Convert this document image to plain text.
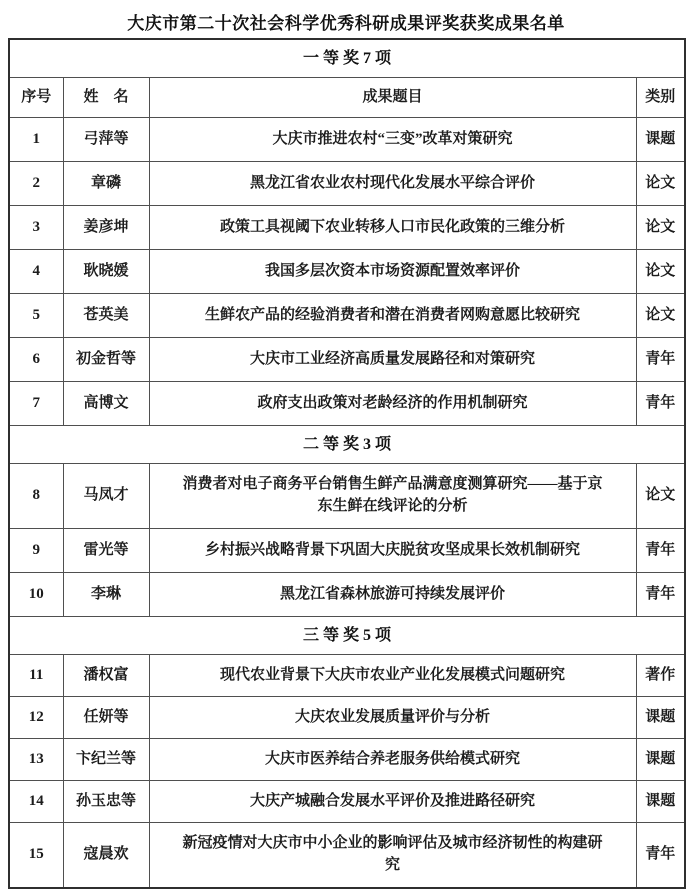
大庆市第二十次社会科学优秀科研成果评奖获奖成果名单
一 等 奖 7 项			
序号	姓　名	成果题目	类别
1	弓萍等	大庆市推进农村“三变”改革对策研究	课题
2	章磷	黑龙江省农业农村现代化发展水平综合评价	论文
3	姜彦坤	政策工具视阈下农业转移人口市民化政策的三维分析	论文
4	耿晓媛	我国多层次资本市场资源配置效率评价	论文
5	苍英美	生鲜农产品的经验消费者和潜在消费者网购意愿比较研究	论文
6	初金哲等	大庆市工业经济高质量发展路径和对策研究	青年
7	高博文	政府支出政策对老龄经济的作用机制研究	青年
二 等 奖 3 项			
8	马凤才	消费者对电子商务平台销售生鲜产品满意度测算研究——基于京东生鲜在线评论的分析	论文
9	雷光等	乡村振兴战略背景下巩固大庆脱贫攻坚成果长效机制研究	青年
10	李琳	黑龙江省森林旅游可持续发展评价	青年
三 等 奖 5 项			
11	潘权富	现代农业背景下大庆市农业产业化发展模式问题研究	著作
12	任妍等	大庆农业发展质量评价与分析	课题
13	卞纪兰等	大庆市医养结合养老服务供给模式研究	课题
14	孙玉忠等	大庆产城融合发展水平评价及推进路径研究	课题
15	寇晨欢	新冠疫情对大庆市中小企业的影响评估及城市经济韧性的构建研究	青年
